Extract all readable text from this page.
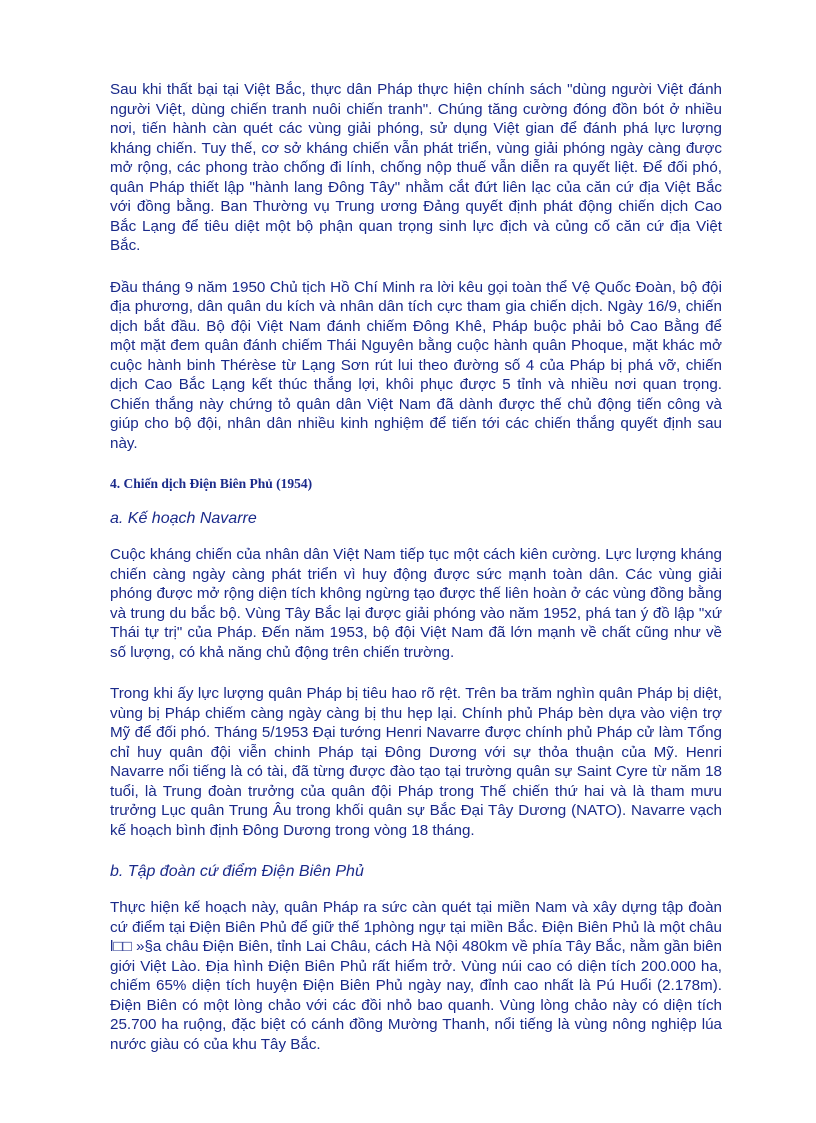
Sau khi thất bại tại Việt Bắc, thực dân Pháp thực hiện chính sách "dùng người Việt đánh người Việt, dùng chiến tranh nuôi chiến tranh". Chúng tăng cường đóng đồn bót ở nhiều nơi, tiến hành càn quét các vùng giải phóng, sử dụng Việt gian để đánh phá lực lượng kháng chiến. Tuy thế, cơ sở kháng chiến vẫn phát triển, vùng giải phóng ngày càng được mở rộng, các phong trào chống đi lính, chống nộp thuế vẫn diễn ra quyết liệt. Để đối phó, quân Pháp thiết lập "hành lang Đông Tây" nhằm cắt đứt liên lạc của căn cứ địa Việt Bắc với đồng bằng. Ban Thường vụ Trung ương Đảng quyết định phát động chiến dịch Cao Bắc Lạng để tiêu diệt một bộ phận quan trọng sinh lực địch và củng cố căn cứ địa Việt Bắc.

Đầu tháng 9 năm 1950 Chủ tịch Hồ Chí Minh ra lời kêu gọi toàn thể Vệ Quốc Đoàn, bộ đội địa phương, dân quân du kích và nhân dân tích cực tham gia chiến dịch. Ngày 16/9, chiến dịch bắt đầu. Bộ đội Việt Nam đánh chiếm Đông Khê, Pháp buộc phải bỏ Cao Bằng để một mặt đem quân đánh chiếm Thái Nguyên bằng cuộc hành quân Phoque, mặt khác mở cuộc hành binh Thérèse từ Lạng Sơn rút lui theo đường số 4 của Pháp bị phá vỡ, chiến dịch Cao Bắc Lạng kết thúc thắng lợi, khôi phục được 5 tỉnh và nhiều nơi quan trọng. Chiến thắng này chứng tỏ quân dân Việt Nam đã dành được thế chủ động tiến công và giúp cho bộ đội, nhân dân nhiều kinh nghiệm để tiến tới các chiến thắng quyết định sau này.

4. Chiến dịch Điện Biên Phủ (1954)
a. Kế hoạch Navarre

Cuộc kháng chiến của nhân dân Việt Nam tiếp tục một cách kiên cường. Lực lượng kháng chiến càng ngày càng phát triển vì huy động được sức mạnh toàn dân. Các vùng giải phóng được mở rộng diện tích không ngừng tạo được thế liên hoàn ở các vùng đồng bằng và trung du bắc bộ. Vùng Tây Bắc lại được giải phóng vào năm 1952, phá tan ý đồ lập "xứ Thái tự trị" của Pháp. Đến năm 1953, bộ đội Việt Nam đã lớn mạnh về chất cũng như về số lượng, có khả năng chủ động trên chiến trường.

Trong khi ấy lực lượng quân Pháp bị tiêu hao rõ rệt. Trên ba trăm nghìn quân Pháp bị diệt, vùng bị Pháp chiếm càng ngày càng bị thu hẹp lại. Chính phủ Pháp bèn dựa vào viện trợ Mỹ để đối phó. Tháng 5/1953 Đại tướng Henri Navarre được chính phủ Pháp cử làm Tổng chỉ huy quân đội viễn chinh Pháp tại Đông Dương với sự thỏa thuận của Mỹ. Henri Navarre nổi tiếng là có tài, đã từng được đào tạo tại trường quân sự Saint Cyre từ năm 18 tuổi, là Trung đoàn trưởng của quân đội Pháp trong Thế chiến thứ hai và là tham mưu trưởng Lục quân Trung Âu trong khối quân sự Bắc Đại Tây Dương (NATO). Navarre vạch kế hoạch bình định Đông Dương trong vòng 18 tháng.

b. Tập đoàn cứ điểm Điện Biên Phủ

Thực hiện kế hoạch này, quân Pháp ra sức càn quét tại miền Nam và xây dựng tập đoàn cứ điểm tại Điện Biên Phủ để giữ thế 1phòng ngự tại miền Bắc. Điện Biên Phủ là một châu l□□ »§a châu Điện Biên, tỉnh Lai Châu, cách Hà Nội 480km về phía Tây Bắc, nằm gần biên giới Việt Lào. Địa hình Điện Biên Phủ rất hiểm trở. Vùng núi cao có diện tích 200.000 ha, chiếm 65% diện tích huyện Điện Biên Phủ ngày nay, đỉnh cao nhất là Pú Huổi (2.178m). Điện Biên có một lòng chảo với các đồi nhỏ bao quanh. Vùng lòng chảo này có diện tích 25.700 ha ruộng, đặc biệt có cánh đồng Mường Thanh, nổi tiếng là vùng nông nghiệp lúa nước giàu có của khu Tây Bắc.
